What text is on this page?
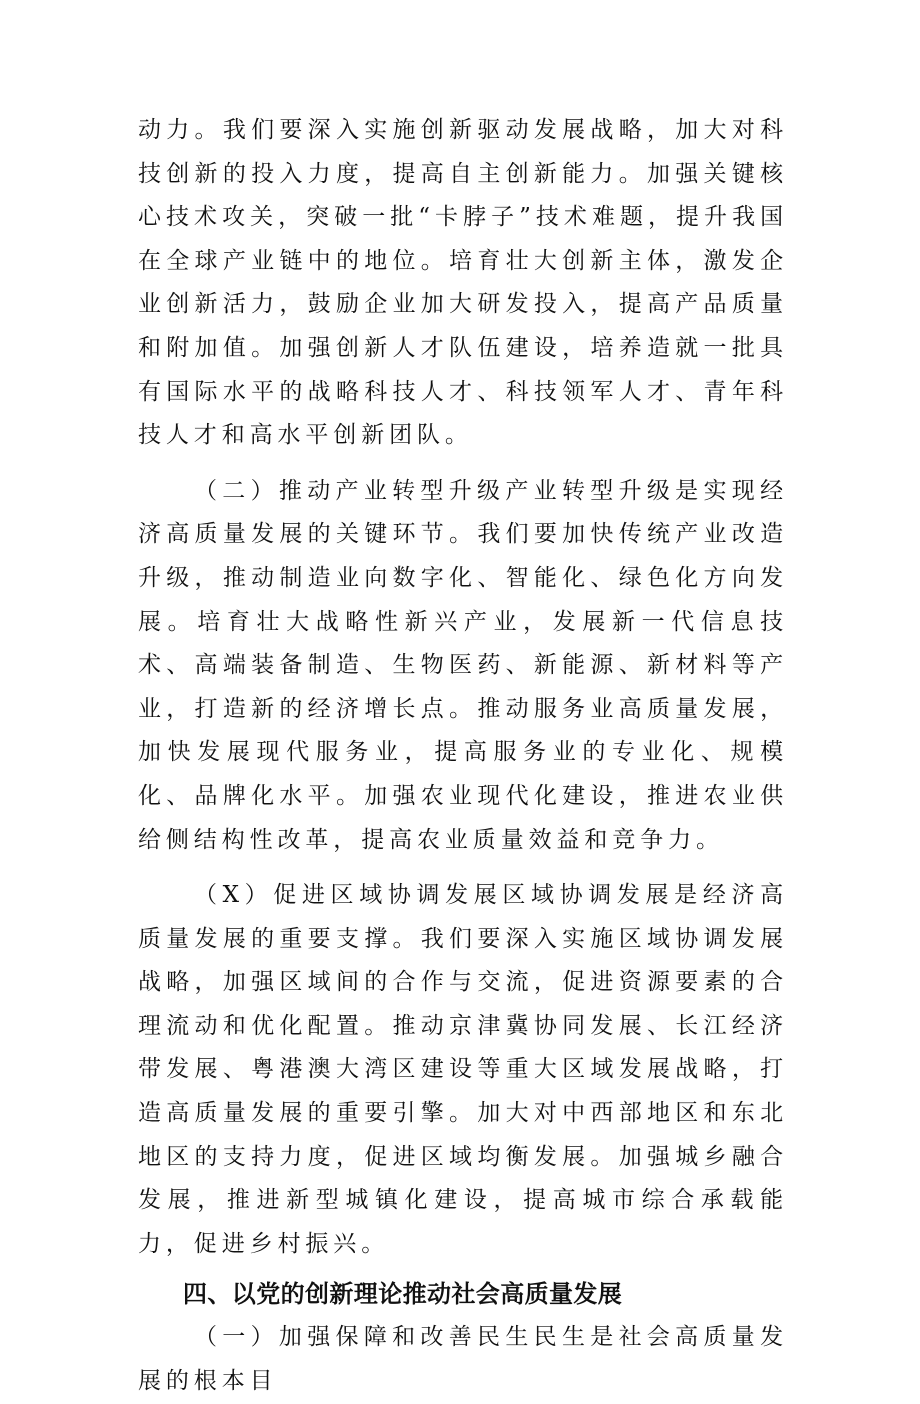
动力。我们要深入实施创新驱动发展战略，加大对科技创新的投入力度，提高自主创新能力。加强关键核心技术攻关，突破一批“卡脖子”技术难题，提升我国在全球产业链中的地位。培育壮大创新主体，激发企业创新活力，鼓励企业加大研发投入，提高产品质量和附加值。加强创新人才队伍建设，培养造就一批具有国际水平的战略科技人才、科技领军人才、青年科技人才和高水平创新团队。

（二）推动产业转型升级产业转型升级是实现经济高质量发展的关键环节。我们要加快传统产业改造升级，推动制造业向数字化、智能化、绿色化方向发展。培育壮大战略性新兴产业，发展新一代信息技术、高端装备制造、生物医药、新能源、新材料等产业，打造新的经济增长点。推动服务业高质量发展，加快发展现代服务业，提高服务业的专业化、规模化、品牌化水平。加强农业现代化建设，推进农业供给侧结构性改革，提高农业质量效益和竞争力。

（X）促进区域协调发展区域协调发展是经济高质量发展的重要支撑。我们要深入实施区域协调发展战略，加强区域间的合作与交流，促进资源要素的合理流动和优化配置。推动京津冀协同发展、长江经济带发展、粤港澳大湾区建设等重大区域发展战略，打造高质量发展的重要引擎。加大对中西部地区和东北地区的支持力度，促进区域均衡发展。加强城乡融合发展，推进新型城镇化建设，提高城市综合承载能力，促进乡村振兴。

四、以党的创新理论推动社会高质量发展

（一）加强保障和改善民生民生是社会高质量发展的根本目
